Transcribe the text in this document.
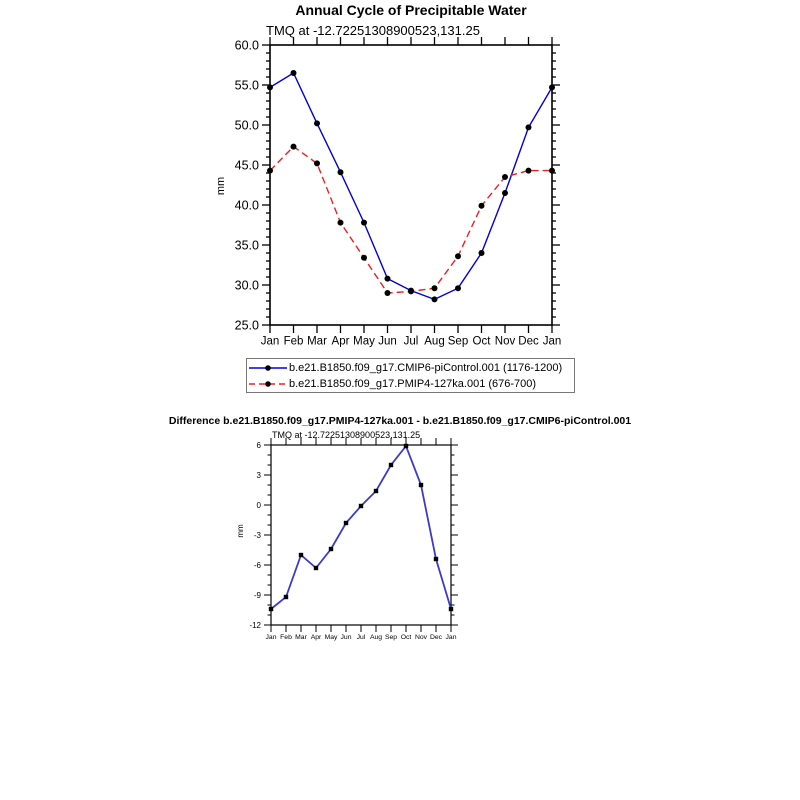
Annual Cycle of Precipitable Water
TMQ at -12.72251308900523,131.25
25.0
30.0
35.0
40.0
45.0
50.0
55.0
60.0
Jan Feb Mar Apr May Jun Jul Aug Sep Oct Nov Dec Jan
mm
b.e21.B1850.f09_g17.CMIP6-piControl.001 (1176-1200)
b.e21.B1850.f09_g17.PMIP4-127ka.001 (676-700)
Difference b.e21.B1850.f09_g17.PMIP4-127ka.001 - b.e21.B1850.f09_g17.CMIP6-piControl.001
TMQ at -12.72251308900523,131.25
-12
-9
-6
-3
0
3
6
Jan Feb Mar Apr May Jun Jul Aug Sep Oct Nov Dec Jan
mm
